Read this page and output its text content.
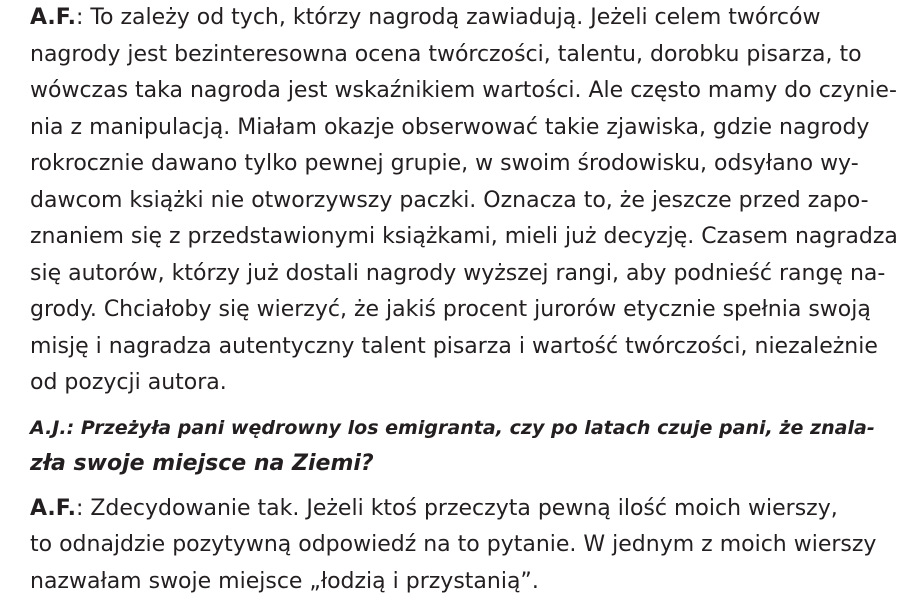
A.F.: To zależy od tych, którzy nagrodą zawiadują. Jeżeli celem twórców
nagrody jest bezinteresowna ocena twórczości, talentu, dorobku pisarza, to
wówczas taka nagroda jest wskaźnikiem wartości. Ale często mamy do czynie-
nia z manipulacją. Miałam okazje obserwować takie zjawiska, gdzie nagrody
rokrocznie dawano tylko pewnej grupie, w swoim środowisku, odsyłano wy-
dawcom książki nie otworzywszy paczki. Oznacza to, że jeszcze przed zapo-
znaniem się z przedstawionymi książkami, mieli już decyzję. Czasem nagradza
się autorów, którzy już dostali nagrody wyższej rangi, aby podnieść rangę na-
grody. Chciałoby się wierzyć, że jakiś procent jurorów etycznie spełnia swoją
misję i nagradza autentyczny talent pisarza i wartość twórczości, niezależnie
od pozycji autora.

A.J.: Przeżyła pani wędrowny los emigranta, czy po latach czuje pani, że znala-
zła swoje miejsce na Ziemi?

A.F.: Zdecydowanie tak. Jeżeli ktoś przeczyta pewną ilość moich wierszy,
to odnajdzie pozytywną odpowiedź na to pytanie. W jednym z moich wierszy
nazwałam swoje miejsce „łodzią i przystanią”.
